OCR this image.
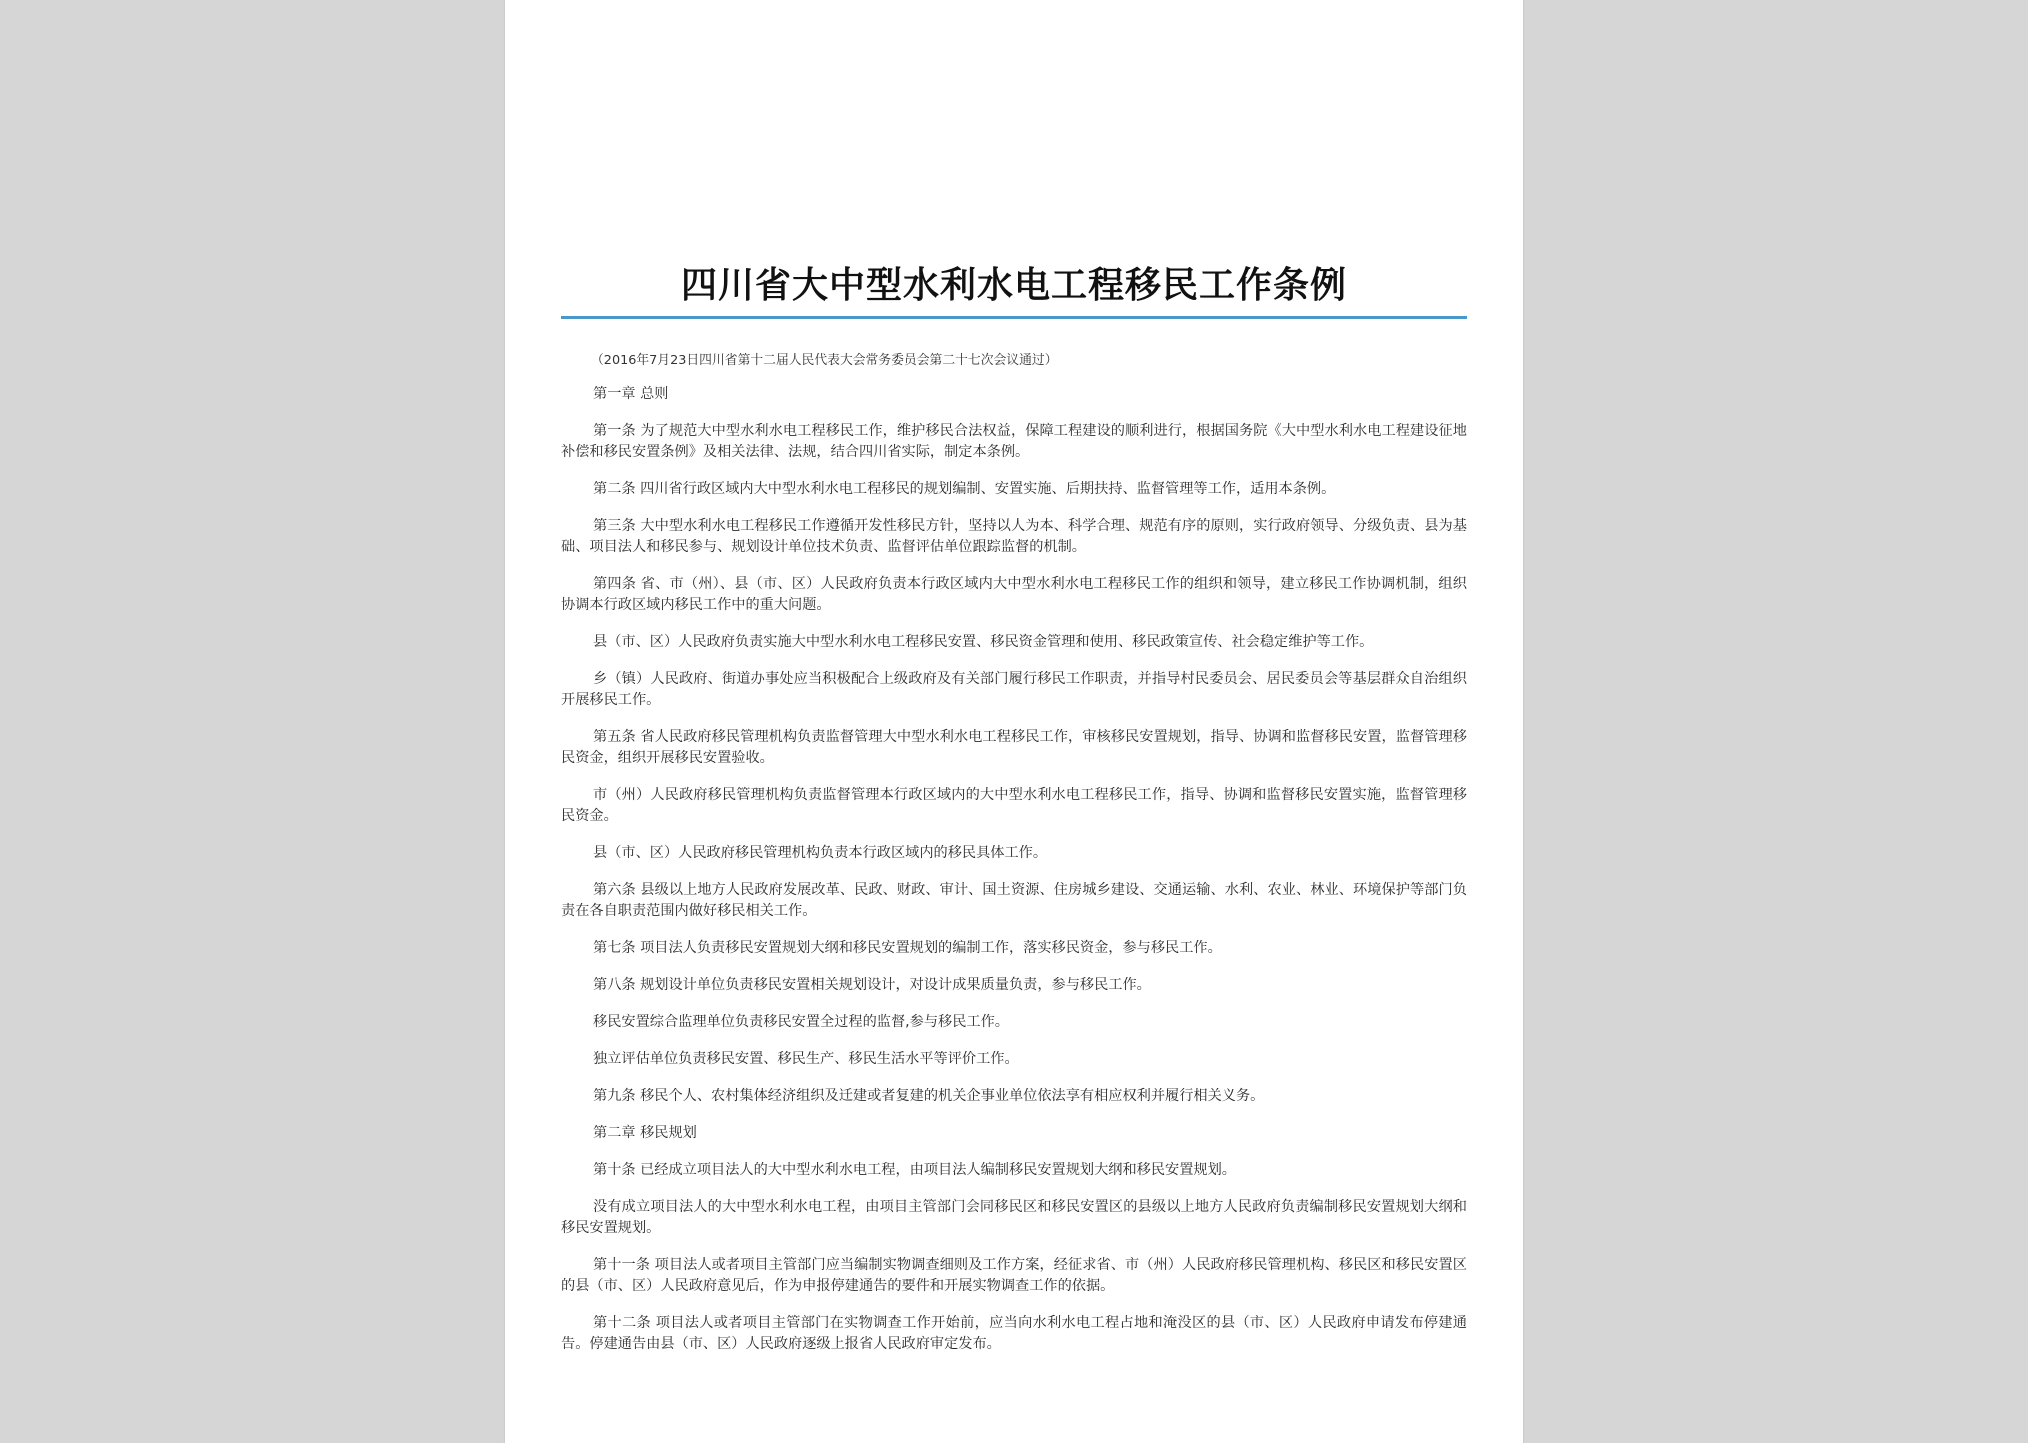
四川省大中型水利水电工程移民工作条例

（2016年7月23日四川省第十二届人民代表大会常务委员会第二十七次会议通过）

第一章 总则

第一条 为了规范大中型水利水电工程移民工作，维护移民合法权益，保障工程建设的顺利进行，根据国务院《大中型水利水电工程建设征地补偿和移民安置条例》及相关法律、法规，结合四川省实际，制定本条例。

第二条 四川省行政区域内大中型水利水电工程移民的规划编制、安置实施、后期扶持、监督管理等工作，适用本条例。

第三条 大中型水利水电工程移民工作遵循开发性移民方针，坚持以人为本、科学合理、规范有序的原则，实行政府领导、分级负责、县为基础、项目法人和移民参与、规划设计单位技术负责、监督评估单位跟踪监督的机制。

第四条 省、市（州）、县（市、区）人民政府负责本行政区域内大中型水利水电工程移民工作的组织和领导，建立移民工作协调机制，组织协调本行政区域内移民工作中的重大问题。

县（市、区）人民政府负责实施大中型水利水电工程移民安置、移民资金管理和使用、移民政策宣传、社会稳定维护等工作。

乡（镇）人民政府、街道办事处应当积极配合上级政府及有关部门履行移民工作职责，并指导村民委员会、居民委员会等基层群众自治组织开展移民工作。

第五条 省人民政府移民管理机构负责监督管理大中型水利水电工程移民工作，审核移民安置规划，指导、协调和监督移民安置，监督管理移民资金，组织开展移民安置验收。

市（州）人民政府移民管理机构负责监督管理本行政区域内的大中型水利水电工程移民工作，指导、协调和监督移民安置实施，监督管理移民资金。

县（市、区）人民政府移民管理机构负责本行政区域内的移民具体工作。

第六条 县级以上地方人民政府发展改革、民政、财政、审计、国土资源、住房城乡建设、交通运输、水利、农业、林业、环境保护等部门负责在各自职责范围内做好移民相关工作。

第七条 项目法人负责移民安置规划大纲和移民安置规划的编制工作，落实移民资金，参与移民工作。

第八条 规划设计单位负责移民安置相关规划设计，对设计成果质量负责，参与移民工作。

移民安置综合监理单位负责移民安置全过程的监督,参与移民工作。

独立评估单位负责移民安置、移民生产、移民生活水平等评价工作。

第九条 移民个人、农村集体经济组织及迁建或者复建的机关企事业单位依法享有相应权利并履行相关义务。

第二章 移民规划

第十条 已经成立项目法人的大中型水利水电工程，由项目法人编制移民安置规划大纲和移民安置规划。

没有成立项目法人的大中型水利水电工程，由项目主管部门会同移民区和移民安置区的县级以上地方人民政府负责编制移民安置规划大纲和移民安置规划。

第十一条 项目法人或者项目主管部门应当编制实物调查细则及工作方案，经征求省、市（州）人民政府移民管理机构、移民区和移民安置区的县（市、区）人民政府意见后，作为申报停建通告的要件和开展实物调查工作的依据。

第十二条 项目法人或者项目主管部门在实物调查工作开始前，应当向水利水电工程占地和淹没区的县（市、区）人民政府申请发布停建通告。停建通告由县（市、区）人民政府逐级上报省人民政府审定发布。
